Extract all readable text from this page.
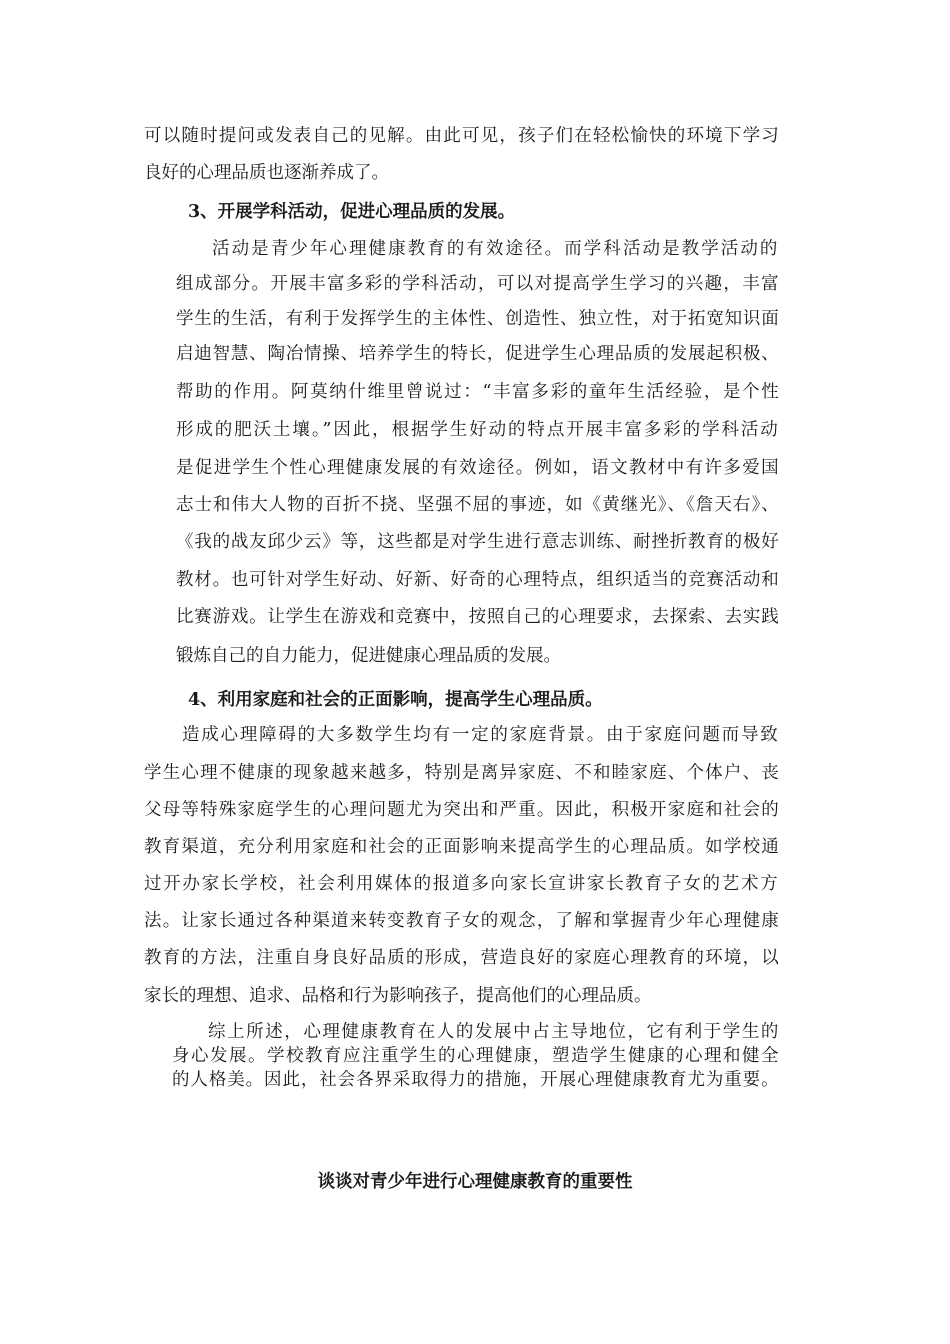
可以随时提问或发表自己的见解。由此可见，孩子们在轻松愉快的环境下学习
良好的心理品质也逐渐养成了。
3、开展学科活动，促进心理品质的发展。
活动是青少年心理健康教育的有效途径。而学科活动是教学活动的
组成部分。开展丰富多彩的学科活动，可以对提高学生学习的兴趣，丰富
学生的生活，有利于发挥学生的主体性、创造性、独立性，对于拓宽知识面
启迪智慧、陶冶情操、培养学生的特长，促进学生心理品质的发展起积极、
帮助的作用。阿莫纳什维里曾说过：“丰富多彩的童年生活经验，是个性
形成的肥沃土壤。”因此，根据学生好动的特点开展丰富多彩的学科活动
是促进学生个性心理健康发展的有效途径。例如，语文教材中有许多爱国
志士和伟大人物的百折不挠、坚强不屈的事迹，如《黄继光》、《詹天右》、
《我的战友邱少云》等，这些都是对学生进行意志训练、耐挫折教育的极好
教材。也可针对学生好动、好新、好奇的心理特点，组织适当的竞赛活动和
比赛游戏。让学生在游戏和竞赛中，按照自己的心理要求，去探索、去实践
锻炼自己的自力能力，促进健康心理品质的发展。
4、利用家庭和社会的正面影响，提高学生心理品质。
造成心理障碍的大多数学生均有一定的家庭背景。由于家庭问题而导致
学生心理不健康的现象越来越多，特别是离异家庭、不和睦家庭、个体户、丧
父母等特殊家庭学生的心理问题尤为突出和严重。因此，积极开家庭和社会的
教育渠道，充分利用家庭和社会的正面影响来提高学生的心理品质。如学校通
过开办家长学校，社会利用媒体的报道多向家长宣讲家长教育子女的艺术方
法。让家长通过各种渠道来转变教育子女的观念，了解和掌握青少年心理健康
教育的方法，注重自身良好品质的形成，营造良好的家庭心理教育的环境，以
家长的理想、追求、品格和行为影响孩子，提高他们的心理品质。
综上所述，心理健康教育在人的发展中占主导地位，它有利于学生的
身心发展。学校教育应注重学生的心理健康，塑造学生健康的心理和健全
的人格美。因此，社会各界采取得力的措施，开展心理健康教育尤为重要。
谈谈对青少年进行心理健康教育的重要性
